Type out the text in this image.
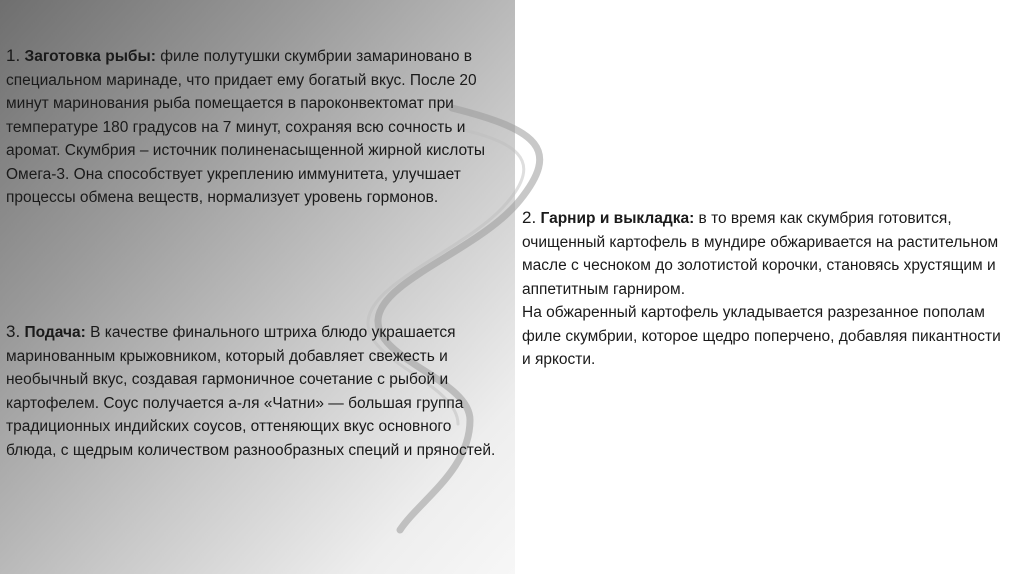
1. Заготовка рыбы: филе полутушки скумбрии замариновано в специальном маринаде, что придает ему богатый вкус. После 20 минут маринования рыба помещается в пароконвектомат при температуре 180 градусов на 7 минут, сохраняя всю сочность и аромат. Скумбрия – источник полиненасыщенной жирной кислоты Омега-3. Она способствует укреплению иммунитета, улучшает процессы обмена веществ, нормализует уровень гормонов.

3. Подача: В качестве финального штриха блюдо украшается маринованным крыжовником, который добавляет свежесть и необычный вкус, создавая гармоничное сочетание с рыбой и картофелем. Соус получается а-ля «Чатни» — большая группа традиционных индийских соусов, оттеняющих вкус основного блюда, с щедрым количеством разнообразных специй и пряностей.

2. Гарнир и выкладка: в то время как скумбрия готовится, очищенный картофель в мундире обжаривается на растительном масле с чесноком до золотистой корочки, становясь хрустящим и аппетитным гарниром.
На обжаренный картофель укладывается разрезанное пополам филе скумбрии, которое щедро поперчено, добавляя пикантности и яркости.
